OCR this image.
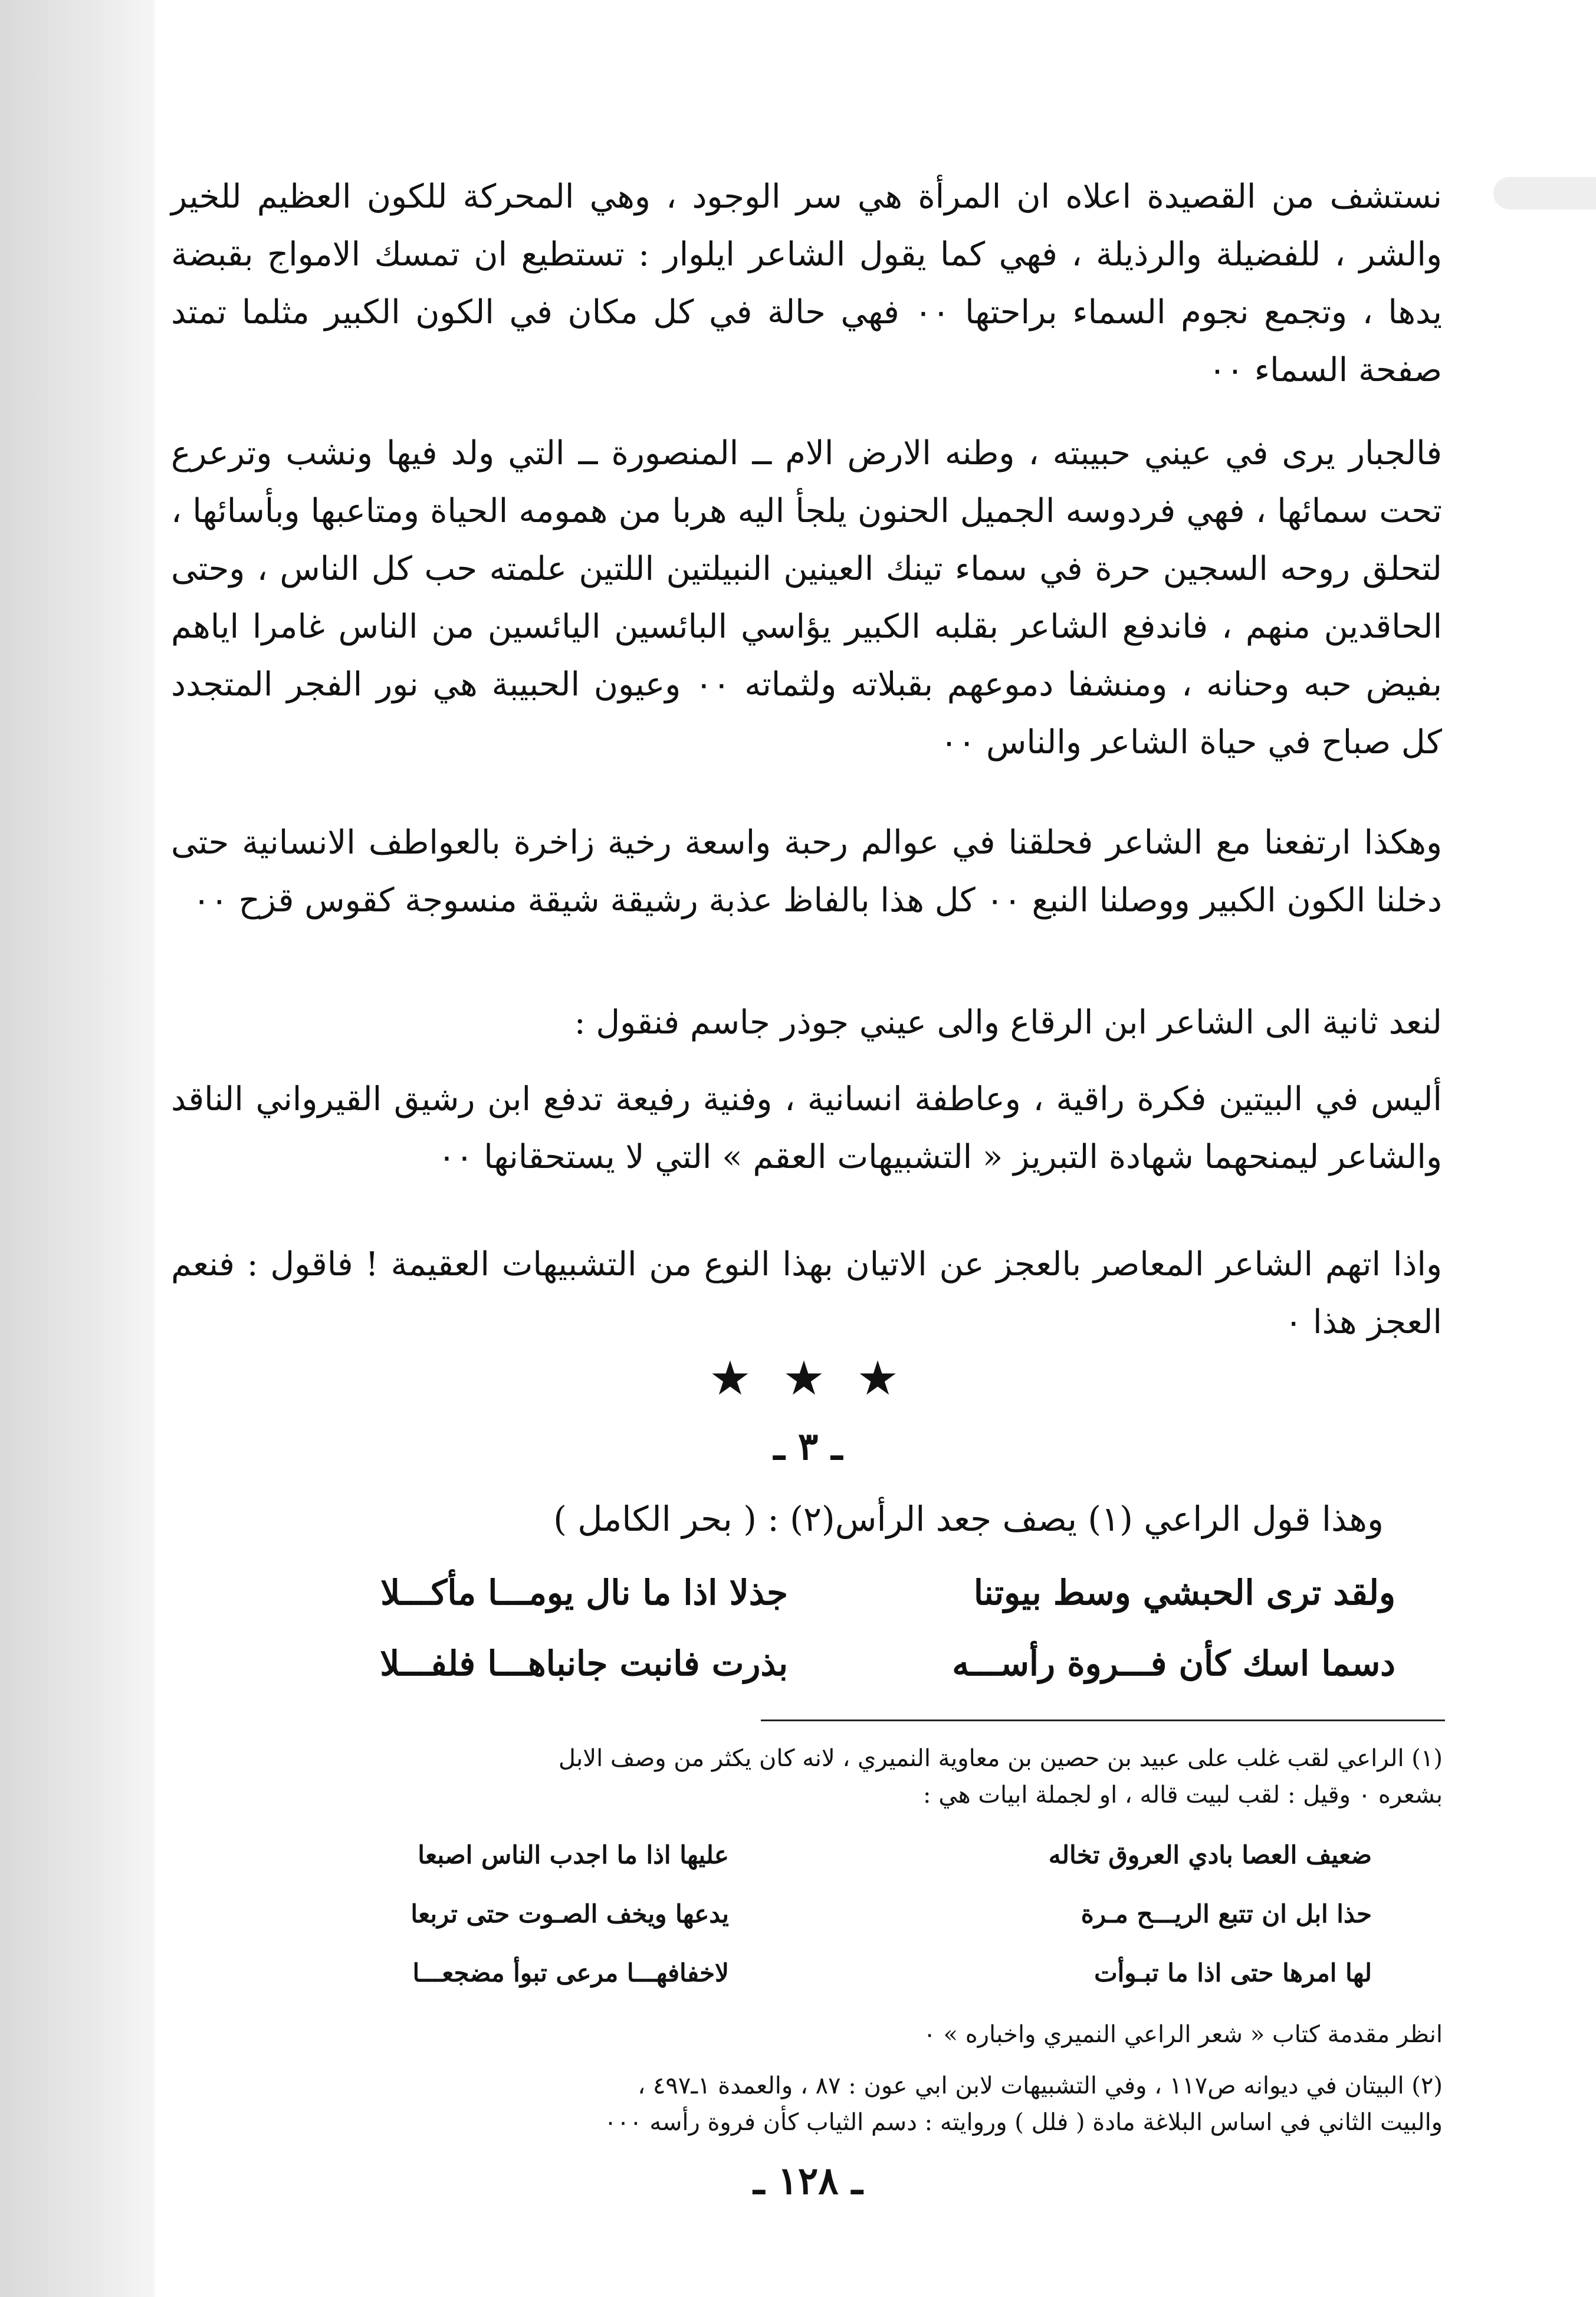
نستشف من القصيدة اعلاه ان المرأة هي سر الوجود ، وهي المحركة للكون العظيم للخير والشر ، للفضيلة والرذيلة ، فهي كما يقول الشاعر ايلوار : تستطيع ان تمسك الامواج بقبضة يدها ، وتجمع نجوم السماء براحتها ٠٠ فهي حالة في كل مكان في الكون الكبير مثلما تمتد صفحة السماء ٠٠
فالجبار يرى في عيني حبيبته ، وطنه الارض الام ــ المنصورة ــ التي ولد فيها ونشب وترعرع تحت سمائها ، فهي فردوسه الجميل الحنون يلجأ اليه هربا من همومه الحياة ومتاعبها وبأسائها ، لتحلق روحه السجين حرة في سماء تينك العينين النبيلتين اللتين علمته حب كل الناس ، وحتى الحاقدين منهم ، فاندفع الشاعر بقلبه الكبير يؤاسي البائسين اليائسين من الناس غامرا اياهم بفيض حبه وحنانه ، ومنشفا دموعهم بقبلاته ولثماته ٠٠ وعيون الحبيبة هي نور الفجر المتجدد كل صباح في حياة الشاعر والناس ٠٠
وهكذا ارتفعنا مع الشاعر فحلقنا في عوالم رحبة واسعة رخية زاخرة بالعواطف الانسانية حتى دخلنا الكون الكبير ووصلنا النبع ٠٠ كل هذا بالفاظ عذبة رشيقة شيقة منسوجة كقوس قزح ٠٠
لنعد ثانية الى الشاعر ابن الرقاع والى عيني جوذر جاسم فنقول :
أليس في البيتين فكرة راقية ، وعاطفة انسانية ، وفنية رفيعة تدفع ابن رشيق القيرواني الناقد والشاعر ليمنحهما شهادة التبريز « التشبيهات العقم » التي لا يستحقانها ٠٠
واذا اتهم الشاعر المعاصر بالعجز عن الاتيان بهذا النوع من التشبيهات العقيمة ! فاقول : فنعم العجز هذا ٠
★ ★ ★
ـ ٣ ـ
وهذا قول الراعي (١) يصف جعد الرأس(٢) : ( بحر الكامل )
ولقد ترى الحبشي وسط بيوتنا
جذلا اذا ما نال يومـــا مأكـــلا
دسما اسك كأن فـــروة رأســـه
بذرت فانبت جانباهـــا فلفـــلا
(١) الراعي لقب غلب على عبيد بن حصين بن معاوية النميري ، لانه كان يكثر من وصف الابل
بشعره ٠ وقيل : لقب لبيت قاله ، او لجملة ابيات هي :
ضعيف العصا بادي العروق تخاله
عليها اذا ما اجدب الناس اصبعا
حذا ابل ان تتبع الريـــح مـرة
يدعها ويخف الصـوت حتى تربعا
لها امرها حتى اذا ما تبـوأت
لاخفافهـــا مرعى تبوأ مضجعـــا
انظر مقدمة كتاب « شعر الراعي النميري واخباره » ٠
(٢) البيتان في ديوانه ص١١٧ ، وفي التشبيهات لابن ابي عون : ٨٧ ، والعمدة ١ـ٤٩٧ ،
والبيت الثاني في اساس البلاغة مادة ( فلل ) وروايته : دسم الثياب كأن فروة رأسه ٠٠٠
ـ ١٢٨ ـ
